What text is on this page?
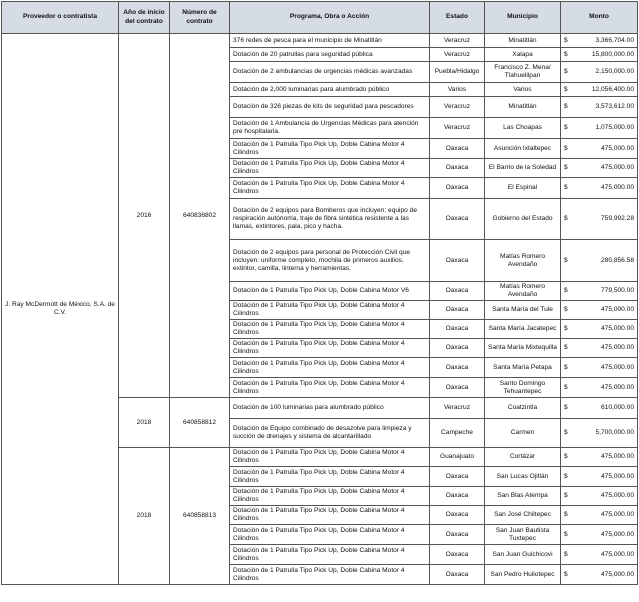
Proveedor o contratista	Año de inicio del contrato	Número de contrato	Programa, Obra o Acción	Estado	Municipio	Monto	
J. Ray McDermott de México, S.A. de C.V.	2016	640836802	376 redes de pesca para el municipio de Minatitlán	Veracruz	Minatitlán	$	3,366,704.00
			Dotación de 20 patrullas para seguridad pública	Veracruz	Xalapa	$	15,800,000.00
			Dotación de 2 ambulancias de urgencias médicas avanzadas	Puebla/Hidalgo	Francisco Z. Mena/ Tlahuelilpan	$	2,150,000.00
			Dotación de 2,000 luminarias para alumbrado público	Varios	Varios	$	12,056,400.00
			Dotación de 326 piezas de kits de seguridad para pescadores	Veracruz	Minatitlán	$	3,573,612.00
			Dotación de 1 Ambulancia de Urgencias Médicas para atención pre hospitalaria.	Veracruz	Las Choapas	$	1,075,000.00
			Dotación de 1 Patrulla Tipo Pick Up, Doble Cabina Motor 4 Cilindros	Oaxaca	Asunción Ixtaltepec	$	475,000.00
			Dotación de 1 Patrulla Tipo Pick Up, Doble Cabina Motor 4 Cilindros	Oaxaca	El Barrio de la Soledad	$	475,000.00
			Dotación de 1 Patrulla Tipo Pick Up, Doble Cabina Motor 4 Cilindros	Oaxaca	El Espinal	$	475,000.00
			Dotación de 2 equipos para Bomberos que incluyen: equipo de respiración autónoma, traje de fibra sintética resistente a las llamas, extintores, pala, pico y hacha.	Oaxaca	Gobierno del Estado	$	759,992.28
			Dotación de 2 equipos para personal de Protección Civil que incluyen: uniforme completo, mochila de primeros auxilios, extintor, camilla, linterna y herramientas.	Oaxaca	Matías Romero Avendaño	$	280,856.58
			Dotación de 1 Patrulla Tipo Pick Up, Doble Cabina Motor V6	Oaxaca	Matías Romero Avendaño	$	779,500.00
			Dotación de 1 Patrulla Tipo Pick Up, Doble Cabina Motor 4 Cilindros	Oaxaca	Santa María del Tule	$	475,000.00
			Dotación de 1 Patrulla Tipo Pick Up, Doble Cabina Motor 4 Cilindros	Oaxaca	Santa María Jacatepec	$	475,000.00
			Dotación de 1 Patrulla Tipo Pick Up, Doble Cabina Motor 4 Cilindros	Oaxaca	Santa María Mixtequilla	$	475,000.00
			Dotación de 1 Patrulla Tipo Pick Up, Doble Cabina Motor 4 Cilindros	Oaxaca	Santa María Petapa	$	475,000.00
			Dotación de 1 Patrulla Tipo Pick Up, Doble Cabina Motor 4 Cilindros	Oaxaca	Santo Domingo Tehuantepec	$	475,000.00
	2018	640858812	Dotación de 100 luminarias para alumbrado público	Veracruz	Coatzintla	$	610,000.00
			Dotación de Equipo combinado de desazolve para limpieza y succión de drenajes y sistema de alcantarillado	Campeche	Carmen	$	5,700,000.00
	2018	640858813	Dotación de 1 Patrulla Tipo Pick Up, Doble Cabina Motor 4 Cilindros	Guanajuato	Cortázar	$	475,000.00
			Dotación de 1 Patrulla Tipo Pick Up, Doble Cabina Motor 4 Cilindros	Oaxaca	San Lucas Ojitlán	$	475,000.00
			Dotación de 1 Patrulla Tipo Pick Up, Doble Cabina Motor 4 Cilindros	Oaxaca	San Blas Atempa	$	475,000.00
			Dotación de 1 Patrulla Tipo Pick Up, Doble Cabina Motor 4 Cilindros	Oaxaca	San José Chiltepec	$	475,000.00
			Dotación de 1 Patrulla Tipo Pick Up, Doble Cabina Motor 4 Cilindros	Oaxaca	San Juan Bautista Tuxtepec	$	475,000.00
			Dotación de 1 Patrulla Tipo Pick Up, Doble Cabina Motor 4 Cilindros	Oaxaca	San Juan Guichicovi	$	475,000.00
			Dotación de 1 Patrulla Tipo Pick Up, Doble Cabina Motor 4 Cilindros	Oaxaca	San Pedro Huilotepec	$	475,000.00
